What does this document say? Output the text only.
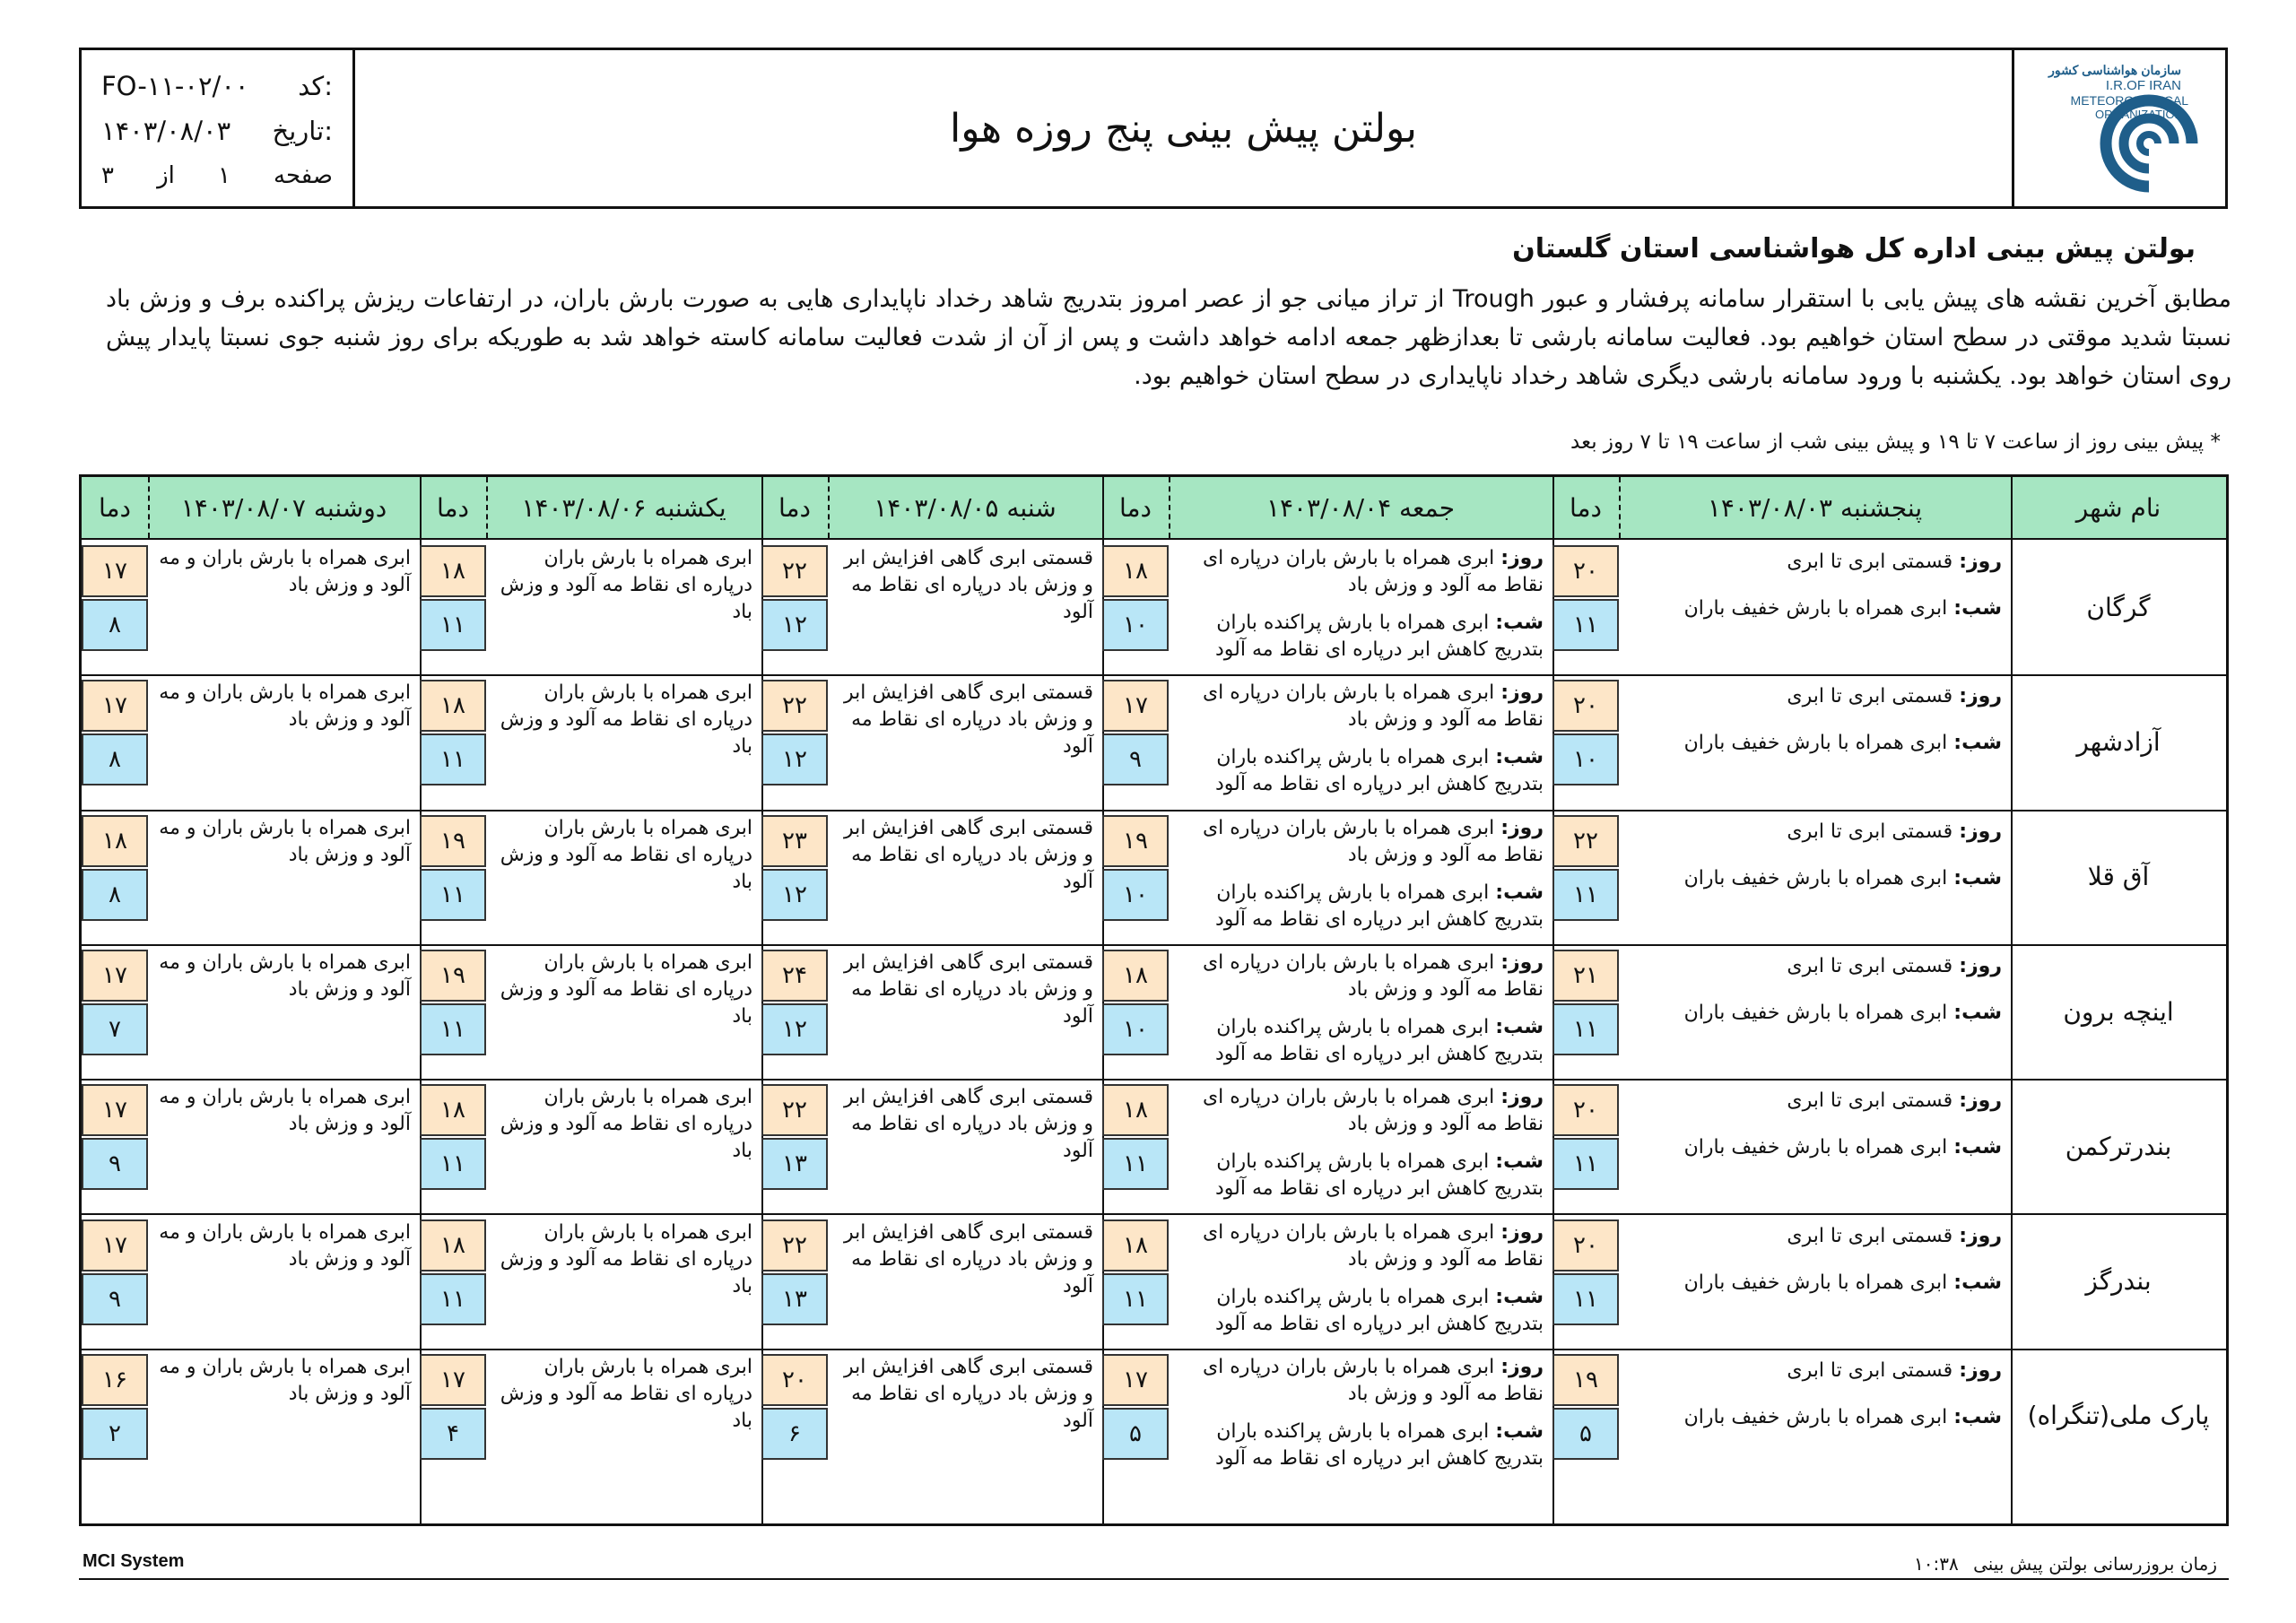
FO-۱۱-۰۲/۰۰ کد:
۱۴۰۳/۰۸/۰۳ تاریخ:
۳ از ۱ صفحه
بولتن پیش بینی پنج روزه هوا
سازمان هواشناسی کشور
I.R.OF IRAN
METEOROLOGICAL
ORGANIZATION
بولتن پیش بینی اداره کل هواشناسی استان گلستان
مطابق آخرین نقشه های پیش یابی با استقرار سامانه پرفشار و عبور Trough از تراز میانی جو از عصر امروز بتدریج شاهد رخداد ناپایداری هایی به صورت بارش باران، در ارتفاعات ریزش پراکنده برف و وزش باد نسبتا شدید موقتی در سطح استان خواهیم بود. فعالیت سامانه بارشی تا بعدازظهر جمعه ادامه خواهد داشت و پس از آن از شدت فعالیت سامانه کاسته خواهد شد به طوریکه برای روز شنبه جوی نسبتا پایدار پیش روی استان خواهد بود. یکشنبه با ورود سامانه بارشی دیگری شاهد رخداد ناپایداری در سطح استان خواهیم بود.
* پیش بینی روز از ساعت ۷ تا ۱۹ و پیش بینی شب از ساعت ۱۹ تا ۷ روز بعد
نام شهر
پنجشنبه ۱۴۰۳/۰۸/۰۳
دما
جمعه ۱۴۰۳/۰۸/۰۴
دما
شنبه ۱۴۰۳/۰۸/۰۵
دما
یکشنبه ۱۴۰۳/۰۸/۰۶
دما
دوشنبه ۱۴۰۳/۰۸/۰۷
دما
گرگان
۲۰
۱۱
روز: قسمتی ابری تا ابری
شب: ابری همراه با بارش خفیف باران
۱۸
۱۰
روز: ابری همراه با بارش باران درپاره ای نقاط مه آلود و وزش باد
شب: ابری همراه با بارش پراکنده باران بتدریج کاهش ابر درپاره ای نقاط مه آلود
۲۲
۱۲
قسمتی ابری گاهی افزایش ابر و وزش باد درپاره ای نقاط مه آلود
۱۸
۱۱
ابری همراه با بارش باران درپاره ای نقاط مه آلود و وزش باد
۱۷
۸
ابری همراه با بارش باران و مه آلود و وزش باد
آزادشهر
۲۰
۱۰
روز: قسمتی ابری تا ابری
شب: ابری همراه با بارش خفیف باران
۱۷
۹
روز: ابری همراه با بارش باران درپاره ای نقاط مه آلود و وزش باد
شب: ابری همراه با بارش پراکنده باران بتدریج کاهش ابر درپاره ای نقاط مه آلود
۲۲
۱۲
قسمتی ابری گاهی افزایش ابر و وزش باد درپاره ای نقاط مه آلود
۱۸
۱۱
ابری همراه با بارش باران درپاره ای نقاط مه آلود و وزش باد
۱۷
۸
ابری همراه با بارش باران و مه آلود و وزش باد
آق قلا
۲۲
۱۱
روز: قسمتی ابری تا ابری
شب: ابری همراه با بارش خفیف باران
۱۹
۱۰
روز: ابری همراه با بارش باران درپاره ای نقاط مه آلود و وزش باد
شب: ابری همراه با بارش پراکنده باران بتدریج کاهش ابر درپاره ای نقاط مه آلود
۲۳
۱۲
قسمتی ابری گاهی افزایش ابر و وزش باد درپاره ای نقاط مه آلود
۱۹
۱۱
ابری همراه با بارش باران درپاره ای نقاط مه آلود و وزش باد
۱۸
۸
ابری همراه با بارش باران و مه آلود و وزش باد
اینچه برون
۲۱
۱۱
روز: قسمتی ابری تا ابری
شب: ابری همراه با بارش خفیف باران
۱۸
۱۰
روز: ابری همراه با بارش باران درپاره ای نقاط مه آلود و وزش باد
شب: ابری همراه با بارش پراکنده باران بتدریج کاهش ابر درپاره ای نقاط مه آلود
۲۴
۱۲
قسمتی ابری گاهی افزایش ابر و وزش باد درپاره ای نقاط مه آلود
۱۹
۱۱
ابری همراه با بارش باران درپاره ای نقاط مه آلود و وزش باد
۱۷
۷
ابری همراه با بارش باران و مه آلود و وزش باد
بندرترکمن
۲۰
۱۱
روز: قسمتی ابری تا ابری
شب: ابری همراه با بارش خفیف باران
۱۸
۱۱
روز: ابری همراه با بارش باران درپاره ای نقاط مه آلود و وزش باد
شب: ابری همراه با بارش پراکنده باران بتدریج کاهش ابر درپاره ای نقاط مه آلود
۲۲
۱۳
قسمتی ابری گاهی افزایش ابر و وزش باد درپاره ای نقاط مه آلود
۱۸
۱۱
ابری همراه با بارش باران درپاره ای نقاط مه آلود و وزش باد
۱۷
۹
ابری همراه با بارش باران و مه آلود و وزش باد
بندرگز
۲۰
۱۱
روز: قسمتی ابری تا ابری
شب: ابری همراه با بارش خفیف باران
۱۸
۱۱
روز: ابری همراه با بارش باران درپاره ای نقاط مه آلود و وزش باد
شب: ابری همراه با بارش پراکنده باران بتدریج کاهش ابر درپاره ای نقاط مه آلود
۲۲
۱۳
قسمتی ابری گاهی افزایش ابر و وزش باد درپاره ای نقاط مه آلود
۱۸
۱۱
ابری همراه با بارش باران درپاره ای نقاط مه آلود و وزش باد
۱۷
۹
ابری همراه با بارش باران و مه آلود و وزش باد
پارک ملی(تنگراه)
۱۹
۵
روز: قسمتی ابری تا ابری
شب: ابری همراه با بارش خفیف باران
۱۷
۵
روز: ابری همراه با بارش باران درپاره ای نقاط مه آلود و وزش باد
شب: ابری همراه با بارش پراکنده باران بتدریج کاهش ابر درپاره ای نقاط مه آلود
۲۰
۶
قسمتی ابری گاهی افزایش ابر و وزش باد درپاره ای نقاط مه آلود
۱۷
۴
ابری همراه با بارش باران درپاره ای نقاط مه آلود و وزش باد
۱۶
۲
ابری همراه با بارش باران و مه آلود و وزش باد
MCI System	زمان بروزرسانی بولتن پیش بینی ۱۰:۳۸
